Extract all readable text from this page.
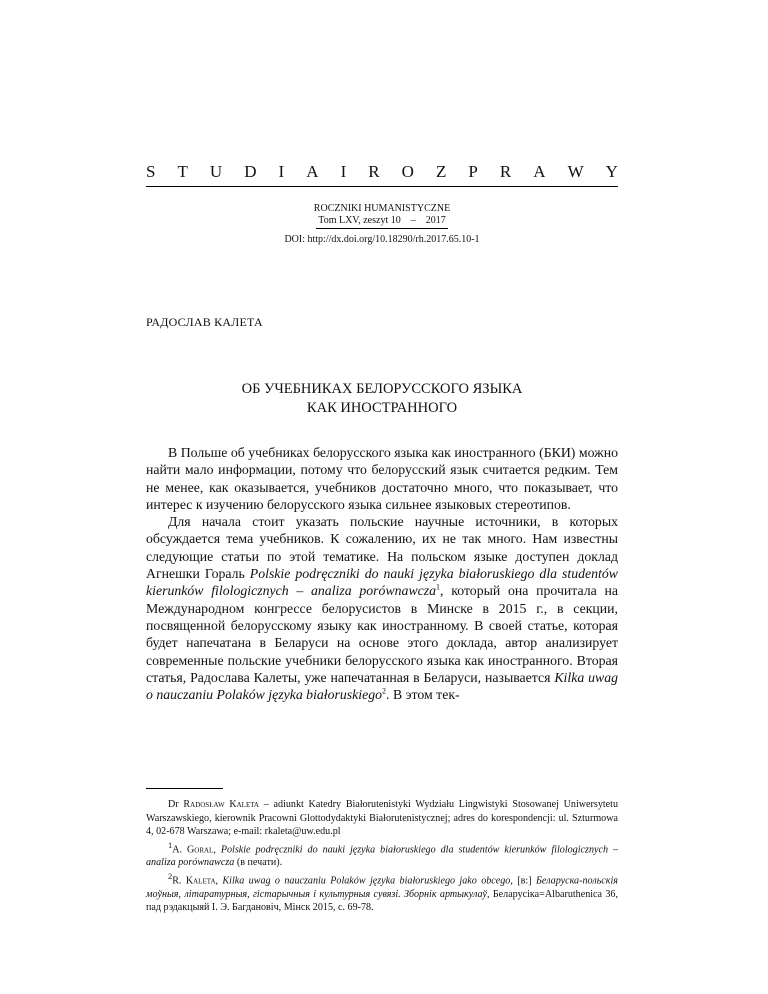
S T U D I A I R O Z P R A W Y
ROCZNIKI HUMANISTYCZNE
Tom LXV, zeszyt 10 – 2017
DOI: http://dx.doi.org/10.18290/rh.2017.65.10-1
РАДОСЛАВ КАЛЕТА
ОБ УЧЕБНИКАХ БЕЛОРУССКОГО ЯЗЫКА
КАК ИНОСТРАННОГО

В Польше об учебниках белорусского языка как иностранного (БКИ) можно найти мало информации, потому что белорусский язык считается редким. Тем не менее, как оказывается, учебников достаточно много, что показывает, что интерес к изучению белорусского языка сильнее языковых стереотипов.

Для начала стоит указать польские научные источники, в которых обсуждается тема учебников. К сожалению, их не так много. Нам известны следующие статьи по этой тематике. На польском языке доступен доклад Агнешки Гораль Polskie podręczniki do nauki języka białoruskiego dla studentów kierunków filologicznych – analiza porównawcza$^1$, который она прочитала на Международном конгрессе белорусистов в Минске в 2015 г., в секции, посвященной белорусскому языку как иностранному. В своей статье, которая будет напечатана в Беларуси на основе этого доклада, автор анализирует современные польские учебники белорусского языка как иностранного. Вторая статья, Радослава Калеты, уже напечатанная в Беларуси, называется Kilka uwag o nauczaniu Polaków języka białoruskiego$^2$. В этом тек-

Dr Radosław Kaleta – adiunkt Katedry Białorutenistyki Wydziału Lingwistyki Stosowanej Uniwersytetu Warszawskiego, kierownik Pracowni Glottodydaktyki Białorutenistycznej; adres do korespondencji: ul. Szturmowa 4, 02-678 Warszawa; e-mail: rkaleta@uw.edu.pl

$^1$A. Goral, Polskie podręczniki do nauki języka białoruskiego dla studentów kierunków filologicznych – analiza porównawcza (в печати).

$^2$R. Kaleta, Kilka uwag o nauczaniu Polaków języka białoruskiego jako obcego, [в:] Беларуска-польскія моўныя, літаратурныя, гістарычныя і культурныя сувязі. Зборнік артыкулаў, Беларусіка=Albaruthenica 36, пад рэдакцыяй І. Э. Багдановіч, Мінск 2015, с. 69-78.
